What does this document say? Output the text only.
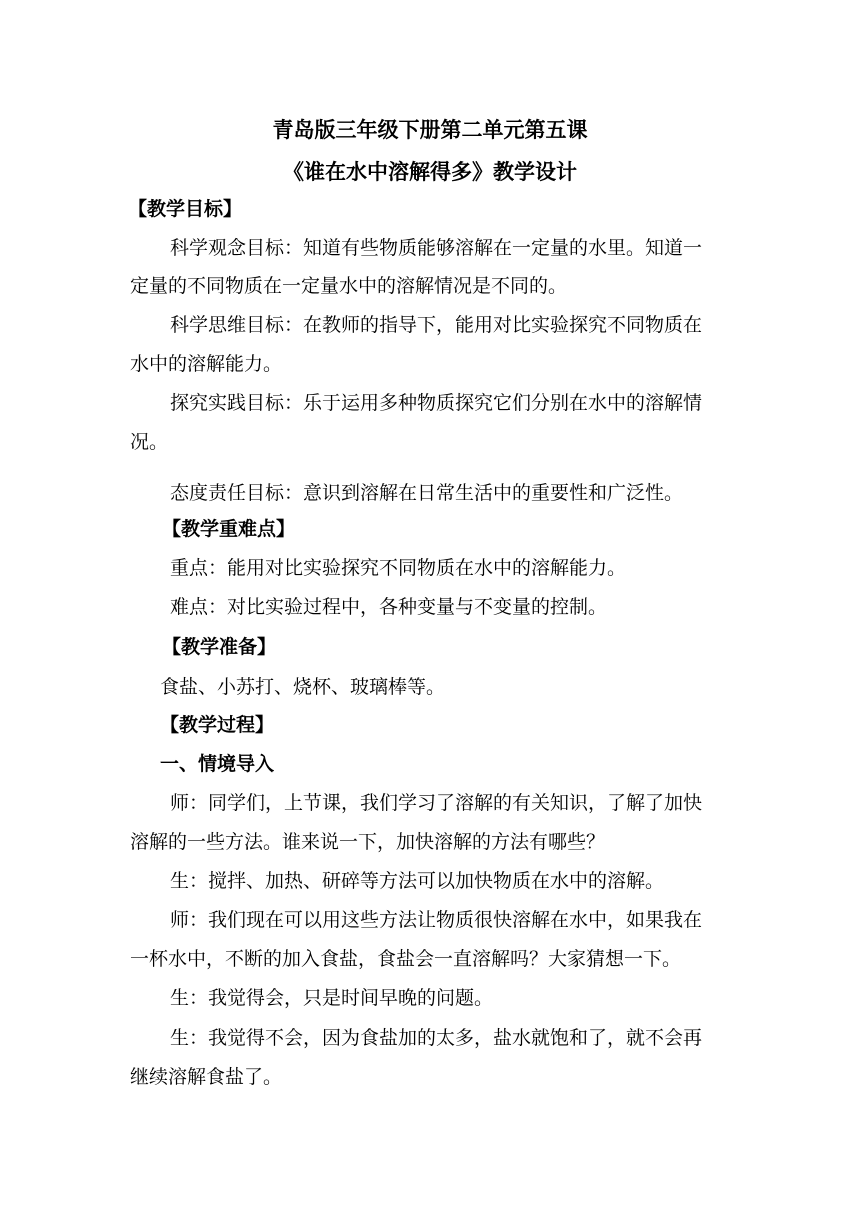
青岛版三年级下册第二单元第五课
《谁在水中溶解得多》教学设计
【教学目标】
科学观念目标：知道有些物质能够溶解在一定量的水里。知道一
定量的不同物质在一定量水中的溶解情况是不同的。
科学思维目标：在教师的指导下，能用对比实验探究不同物质在
水中的溶解能力。
探究实践目标：乐于运用多种物质探究它们分别在水中的溶解情
况。
态度责任目标：意识到溶解在日常生活中的重要性和广泛性。
【教学重难点】
重点：能用对比实验探究不同物质在水中的溶解能力。
难点：对比实验过程中，各种变量与不变量的控制。
【教学准备】
食盐、小苏打、烧杯、玻璃棒等。
【教学过程】
一、情境导入
师：同学们，上节课，我们学习了溶解的有关知识，了解了加快
溶解的一些方法。谁来说一下，加快溶解的方法有哪些？
生：搅拌、加热、研碎等方法可以加快物质在水中的溶解。
师：我们现在可以用这些方法让物质很快溶解在水中，如果我在
一杯水中，不断的加入食盐，食盐会一直溶解吗？大家猜想一下。
生：我觉得会，只是时间早晚的问题。
生：我觉得不会，因为食盐加的太多，盐水就饱和了，就不会再
继续溶解食盐了。
